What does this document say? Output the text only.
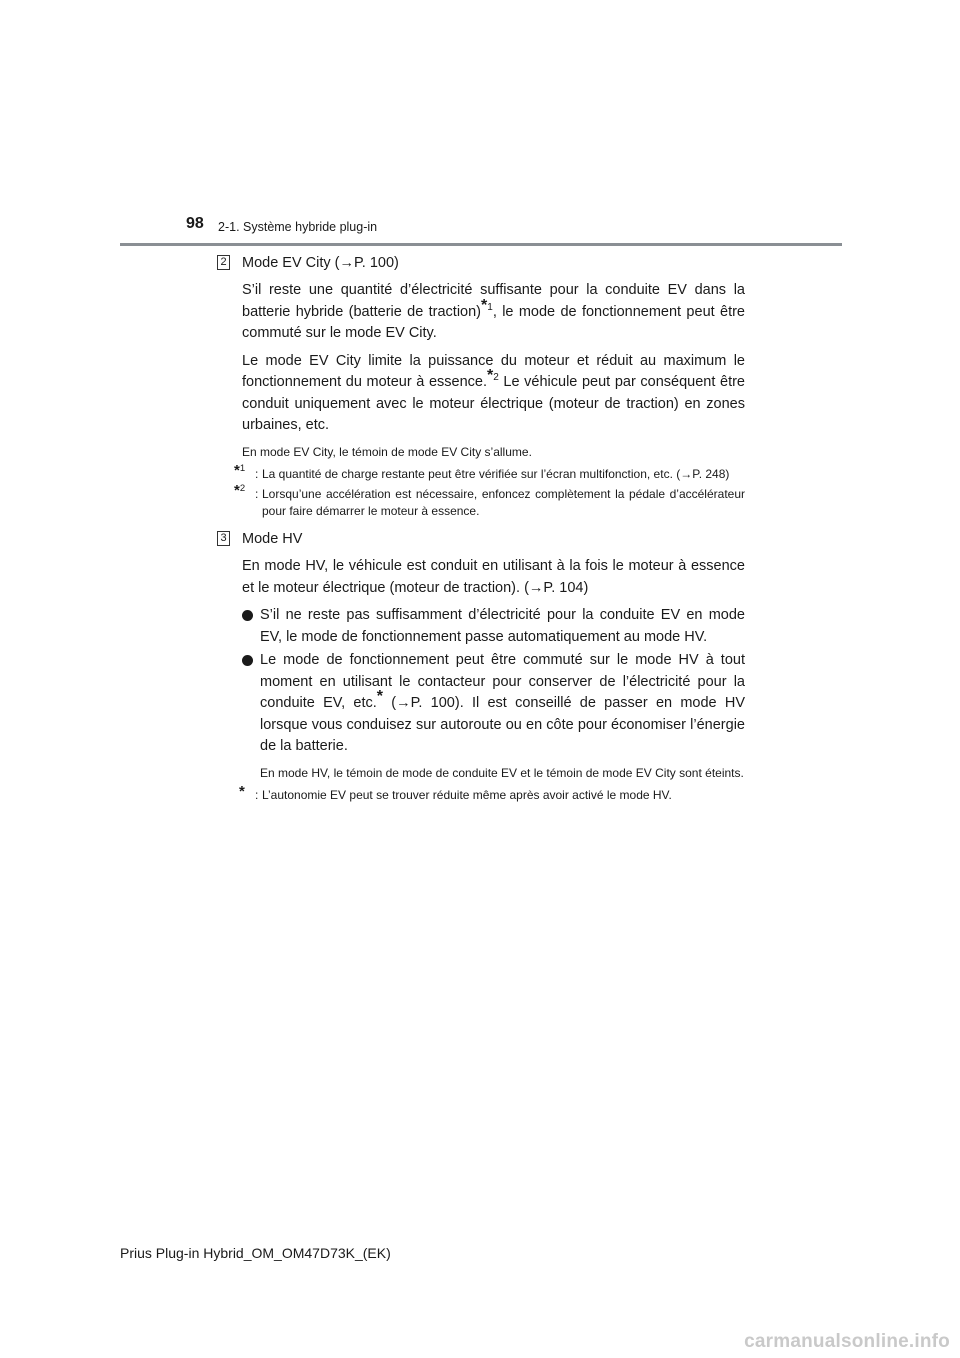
98 2-1. Système hybride plug-in
2 Mode EV City (→P. 100)

S’il reste une quantité d’électricité suffisante pour la conduite EV dans la batterie hybride (batterie de traction)$^{*1}$, le mode de fonctionnement peut être commuté sur le mode EV City.

Le mode EV City limite la puissance du moteur et réduit au maximum le fonctionnement du moteur à essence.$^{*2}$ Le véhicule peut par conséquent être conduit uniquement avec le moteur électrique (moteur de traction) en zones urbaines, etc.

En mode EV City, le témoin de mode EV City s’allume.

*$^1$ : La quantité de charge restante peut être vérifiée sur l’écran multifonction, etc. (→P. 248)
*$^2$ : Lorsqu’une accélération est nécessaire, enfoncez complètement la pédale d’accélérateur pour faire démarrer le moteur à essence.
3 Mode HV

En mode HV, le véhicule est conduit en utilisant à la fois le moteur à essence et le moteur électrique (moteur de traction). (→P. 104)

S’il ne reste pas suffisamment d’électricité pour la conduite EV en mode EV, le mode de fonctionnement passe automatiquement au mode HV.
Le mode de fonctionnement peut être commuté sur le mode HV à tout moment en utilisant le contacteur pour conserver de l’électricité pour la conduite EV, etc.* (→P. 100). Il est conseillé de passer en mode HV lorsque vous conduisez sur autoroute ou en côte pour économiser l’énergie de la batterie.

En mode HV, le témoin de mode de conduite EV et le témoin de mode EV City sont éteints.

* : L’autonomie EV peut se trouver réduite même après avoir activé le mode HV.
Prius Plug-in Hybrid_OM_OM47D73K_(EK)
carmanualsonline.info
